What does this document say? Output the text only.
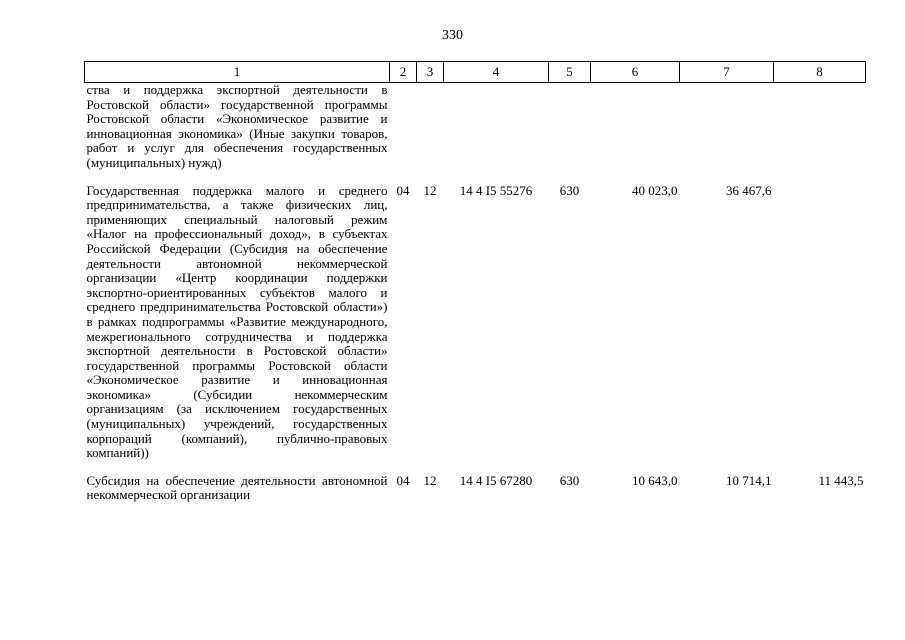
330
1	2	3	4	5	6	7	8
ства и поддержка экспортной деятельности в Ростовской области» государственной программы Ростовской области «Экономическое развитие и инновационная экономика» (Иные закупки товаров, работ и услуг для обеспечения государственных (муниципальных) нужд)							

Государственная поддержка малого и среднего предпринимательства, а также физических лиц, применяющих специальный налоговый режим «Налог на профессиональный доход», в субъектах Российской Федерации (Субсидия на обеспечение деятельности автономной некоммерческой организации «Центр координации поддержки экспортно-ориентированных субъектов малого и среднего предпринимательства Ростовской области») в рамках подпрограммы «Развитие международного, межрегионального сотрудничества и поддержка экспортной деятельности в Ростовской области» государственной программы Ростовской области «Экономическое развитие и инновационная экономика» (Субсидии некоммерческим организациям (за исключением государственных (муниципальных) учреждений, государственных корпораций (компаний), публично-правовых компаний))	04	12	14 4 I5 55276	630	40 023,0	36 467,6	

Субсидия на обеспечение деятельности автономной некоммерческой организации	04	12	14 4 I5 67280	630	10 643,0	10 714,1	11 443,5
